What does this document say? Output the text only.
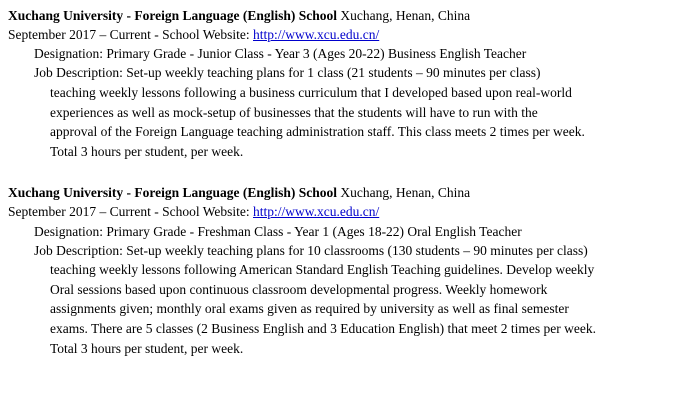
Xuchang University - Foreign Language (English) School Xuchang, Henan, China
September 2017 – Current - School Website: http://www.xcu.edu.cn/
Designation: Primary Grade - Junior Class - Year 3 (Ages 20-22) Business English Teacher
Job Description: Set-up weekly teaching plans for 1 class (21 students – 90 minutes per class)
teaching weekly lessons following a business curriculum that I developed based upon real-world
experiences as well as mock-setup of businesses that the students will have to run with the
approval of the Foreign Language teaching administration staff. This class meets 2 times per week.
Total 3 hours per student, per week.
Xuchang University - Foreign Language (English) School Xuchang, Henan, China
September 2017 – Current - School Website: http://www.xcu.edu.cn/
Designation: Primary Grade - Freshman Class - Year 1 (Ages 18-22) Oral English Teacher
Job Description: Set-up weekly teaching plans for 10 classrooms (130 students – 90 minutes per class)
teaching weekly lessons following American Standard English Teaching guidelines. Develop weekly
Oral sessions based upon continuous classroom developmental progress. Weekly homework
assignments given; monthly oral exams given as required by university as well as final semester
exams. There are 5 classes (2 Business English and 3 Education English) that meet 2 times per week.
Total 3 hours per student, per week.
